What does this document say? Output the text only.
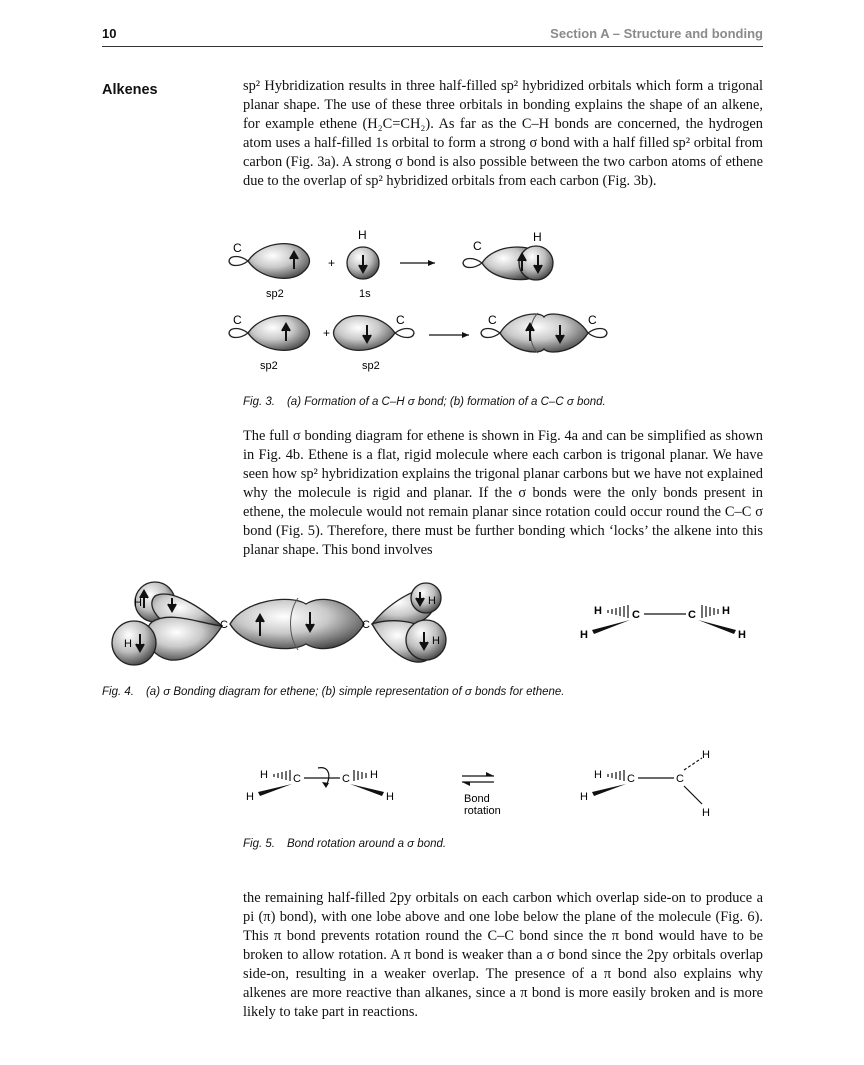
10	Section A – Structure and bonding
Alkenes	sp² Hybridization results in three half-filled sp² hybridized orbitals which form a trigonal planar shape. The use of these three orbitals in bonding explains the shape of an alkene, for example ethene (H₂C=CH₂). As far as the C–H bonds are concerned, the hydrogen atom uses a half-filled 1s orbital to form a strong σ bond with a half filled sp² orbital from carbon (Fig. 3a). A strong σ bond is also possible between the two carbon atoms of ethene due to the overlap of sp² hybridized orbitals from each carbon (Fig. 3b).

C
sp2
+
H
1s
C
H
C
sp2
+
C
sp2
C	C
Fig. 3. (a) Formation of a C–H σ bond; (b) formation of a C–C σ bond.

The full σ bonding diagram for ethene is shown in Fig. 4a and can be simplified as shown in Fig. 4b. Ethene is a flat, rigid molecule where each carbon is trigonal planar. We have seen how sp² hybridization explains the trigonal planar carbons but we have not explained why the molecule is rigid and planar. If the σ bonds were the only bonds present in ethene, the molecule would not remain planar since rotation could occur round the C–C σ bond (Fig. 5). Therefore, there must be further bonding which ‘locks’ the alkene into this planar shape. This bond involves

H
H
C	C
H
H
H	C	C H
H	H
Fig. 4. (a) σ Bonding diagram for ethene; (b) simple representation of σ bonds for ethene.
H C	C H
H	H	Bond
rotation
H C	C
H
H
H
Fig. 5. Bond rotation around a σ bond.

the remaining half-filled 2py orbitals on each carbon which overlap side-on to produce a pi (π) bond), with one lobe above and one lobe below the plane of the molecule (Fig. 6). This π bond prevents rotation round the C–C bond since the π bond would have to be broken to allow rotation. A π bond is weaker than a σ bond since the 2py orbitals overlap side-on, resulting in a weaker overlap. The presence of a π bond also explains why alkenes are more reactive than alkanes, since a π bond is more easily broken and is more likely to take part in reactions.
